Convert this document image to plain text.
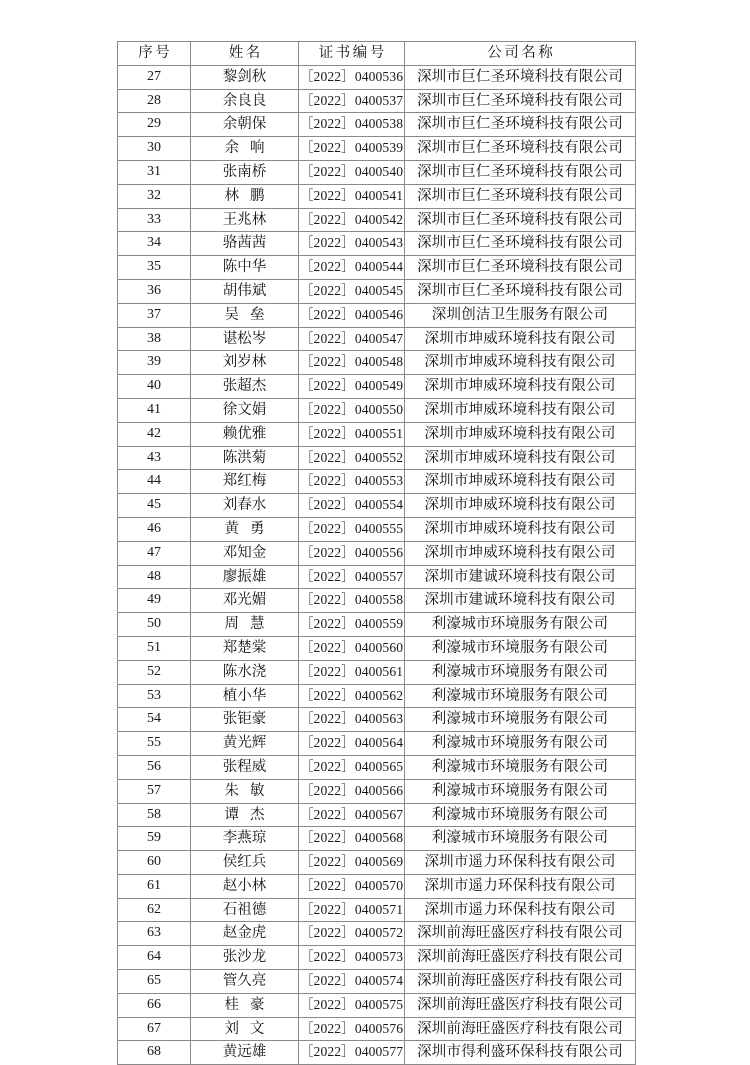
序号	姓名	证书编号	公司名称
27	黎剑秋	［2022］0400536	深圳市巨仁圣环境科技有限公司
28	余良良	［2022］0400537	深圳市巨仁圣环境科技有限公司
29	余朝保	［2022］0400538	深圳市巨仁圣环境科技有限公司
30	余响	［2022］0400539	深圳市巨仁圣环境科技有限公司
31	张南桥	［2022］0400540	深圳市巨仁圣环境科技有限公司
32	林鹏	［2022］0400541	深圳市巨仁圣环境科技有限公司
33	王兆林	［2022］0400542	深圳市巨仁圣环境科技有限公司
34	骆茜茜	［2022］0400543	深圳市巨仁圣环境科技有限公司
35	陈中华	［2022］0400544	深圳市巨仁圣环境科技有限公司
36	胡伟斌	［2022］0400545	深圳市巨仁圣环境科技有限公司
37	吴垒	［2022］0400546	深圳创洁卫生服务有限公司
38	谌松岑	［2022］0400547	深圳市坤威环境科技有限公司
39	刘岁林	［2022］0400548	深圳市坤威环境科技有限公司
40	张超杰	［2022］0400549	深圳市坤威环境科技有限公司
41	徐文娟	［2022］0400550	深圳市坤威环境科技有限公司
42	赖优雅	［2022］0400551	深圳市坤威环境科技有限公司
43	陈洪菊	［2022］0400552	深圳市坤威环境科技有限公司
44	郑红梅	［2022］0400553	深圳市坤威环境科技有限公司
45	刘春水	［2022］0400554	深圳市坤威环境科技有限公司
46	黄勇	［2022］0400555	深圳市坤威环境科技有限公司
47	邓知金	［2022］0400556	深圳市坤威环境科技有限公司
48	廖振雄	［2022］0400557	深圳市建诚环境科技有限公司
49	邓光媚	［2022］0400558	深圳市建诚环境科技有限公司
50	周慧	［2022］0400559	利濠城市环境服务有限公司
51	郑楚棠	［2022］0400560	利濠城市环境服务有限公司
52	陈水浇	［2022］0400561	利濠城市环境服务有限公司
53	植小华	［2022］0400562	利濠城市环境服务有限公司
54	张钜豪	［2022］0400563	利濠城市环境服务有限公司
55	黄光辉	［2022］0400564	利濠城市环境服务有限公司
56	张程威	［2022］0400565	利濠城市环境服务有限公司
57	朱敏	［2022］0400566	利濠城市环境服务有限公司
58	谭杰	［2022］0400567	利濠城市环境服务有限公司
59	李燕琼	［2022］0400568	利濠城市环境服务有限公司
60	侯红兵	［2022］0400569	深圳市遥力环保科技有限公司
61	赵小林	［2022］0400570	深圳市遥力环保科技有限公司
62	石祖德	［2022］0400571	深圳市遥力环保科技有限公司
63	赵金虎	［2022］0400572	深圳前海旺盛医疗科技有限公司
64	张沙龙	［2022］0400573	深圳前海旺盛医疗科技有限公司
65	管久亮	［2022］0400574	深圳前海旺盛医疗科技有限公司
66	桂豪	［2022］0400575	深圳前海旺盛医疗科技有限公司
67	刘文	［2022］0400576	深圳前海旺盛医疗科技有限公司
68	黄远雄	［2022］0400577	深圳市得利盛环保科技有限公司
